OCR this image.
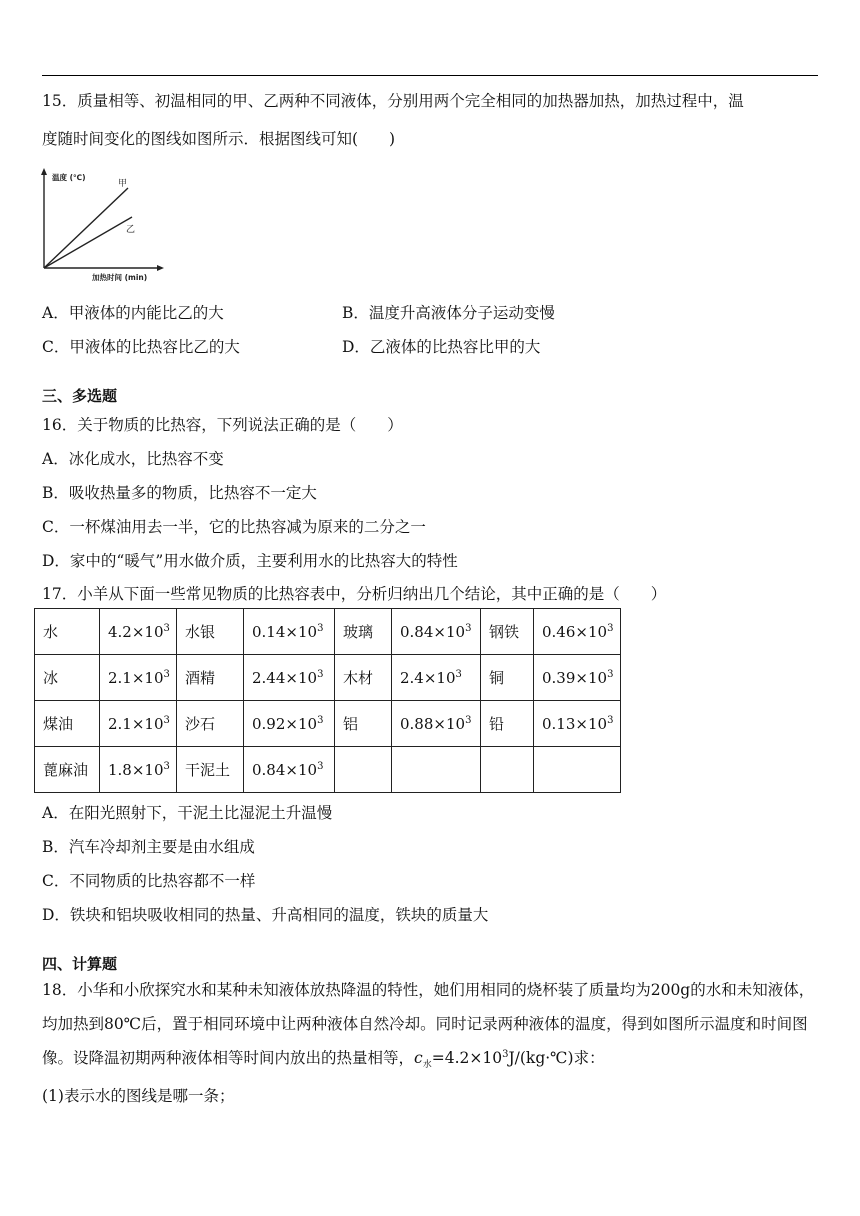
15．质量相等、初温相同的甲、乙两种不同液体，分别用两个完全相同的加热器加热，加热过程中，温
度随时间变化的图线如图所示．根据图线可知(　　)
温度 (℃)
甲
乙
加热时间 (min)
A．甲液体的内能比乙的大	B．温度升高液体分子运动变慢
C．甲液体的比热容比乙的大	D．乙液体的比热容比甲的大
三、多选题
16．关于物质的比热容，下列说法正确的是（　　）
A．冰化成水，比热容不变
B．吸收热量多的物质，比热容不一定大
C．一杯煤油用去一半，它的比热容减为原来的二分之一
D．家中的“暖气”用水做介质，主要利用水的比热容大的特性
17．小羊从下面一些常见物质的比热容表中，分析归纳出几个结论，其中正确的是（　　）
水	$4.2\times 10^3$	水银	$0.14\times 10^3$	玻璃	$0.84\times 10^3$	钢铁	$0.46\times 10^3$
冰	$2.1\times 10^3$	酒精	$2.44\times 10^3$	木材	$2.4\times 10^3$	铜	$0.39\times 10^3$
煤油	$2.1\times 10^3$	沙石	$0.92\times 10^3$	铝	$0.88\times 10^3$	铅	$0.13\times 10^3$
蓖麻油	$1.8\times 10^3$	干泥土	$0.84\times 10^3$				
A．在阳光照射下，干泥土比湿泥土升温慢
B．汽车冷却剂主要是由水组成
C．不同物质的比热容都不一样
D．铁块和铝块吸收相同的热量、升高相同的温度，铁块的质量大
四、计算题
18．小华和小欣探究水和某种未知液体放热降温的特性，她们用相同的烧杯装了质量均为200g的水和未知液体，均加热到80℃后，置于相同环境中让两种液体自然冷却。同时记录两种液体的温度，得到如图所示温度和时间图像。设降温初期两种液体相等时间内放出的热量相等，$c_水=4.2\times 10^3J/(kg\cdot℃)$求：
(1)表示水的图线是哪一条；
